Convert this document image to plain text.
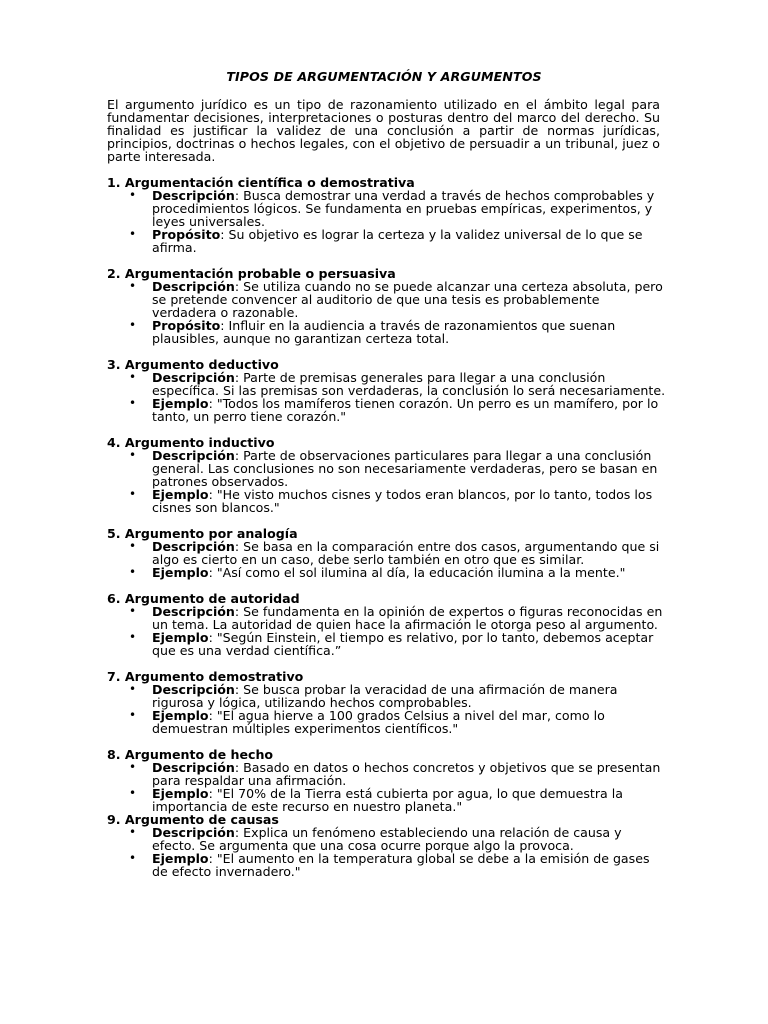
TIPOS DE ARGUMENTACIÓN Y ARGUMENTOS
El argumento jurídico es un tipo de razonamiento utilizado en el ámbito legal para fundamentar decisiones, interpretaciones o posturas dentro del marco del derecho. Su finalidad es justificar la validez de una conclusión a partir de normas jurídicas, principios, doctrinas o hechos legales, con el objetivo de persuadir a un tribunal, juez o parte interesada.
1. Argumentación científica o demostrativa
• Descripción: Busca demostrar una verdad a través de hechos comprobables y procedimientos lógicos. Se fundamenta en pruebas empíricas, experimentos, y leyes universales.
• Propósito: Su objetivo es lograr la certeza y la validez universal de lo que se afirma.
2. Argumentación probable o persuasiva
• Descripción: Se utiliza cuando no se puede alcanzar una certeza absoluta, pero se pretende convencer al auditorio de que una tesis es probablemente verdadera o razonable.
• Propósito: Influir en la audiencia a través de razonamientos que suenan plausibles, aunque no garantizan certeza total.
3. Argumento deductivo
• Descripción: Parte de premisas generales para llegar a una conclusión específica. Si las premisas son verdaderas, la conclusión lo será necesariamente.
• Ejemplo: "Todos los mamíferos tienen corazón. Un perro es un mamífero, por lo tanto, un perro tiene corazón."
4. Argumento inductivo
• Descripción: Parte de observaciones particulares para llegar a una conclusión general. Las conclusiones no son necesariamente verdaderas, pero se basan en patrones observados.
• Ejemplo: "He visto muchos cisnes y todos eran blancos, por lo tanto, todos los cisnes son blancos."
5. Argumento por analogía
• Descripción: Se basa en la comparación entre dos casos, argumentando que si algo es cierto en un caso, debe serlo también en otro que es similar.
• Ejemplo: "Así como el sol ilumina al día, la educación ilumina a la mente."
6. Argumento de autoridad
• Descripción: Se fundamenta en la opinión de expertos o figuras reconocidas en un tema. La autoridad de quien hace la afirmación le otorga peso al argumento.
• Ejemplo: "Según Einstein, el tiempo es relativo, por lo tanto, debemos aceptar que es una verdad científica.”
7. Argumento demostrativo
• Descripción: Se busca probar la veracidad de una afirmación de manera rigurosa y lógica, utilizando hechos comprobables.
• Ejemplo: "El agua hierve a 100 grados Celsius a nivel del mar, como lo demuestran múltiples experimentos científicos."
8. Argumento de hecho
• Descripción: Basado en datos o hechos concretos y objetivos que se presentan para respaldar una afirmación.
• Ejemplo: "El 70% de la Tierra está cubierta por agua, lo que demuestra la importancia de este recurso en nuestro planeta."
9. Argumento de causas
• Descripción: Explica un fenómeno estableciendo una relación de causa y efecto. Se argumenta que una cosa ocurre porque algo la provoca.
• Ejemplo: "El aumento en la temperatura global se debe a la emisión de gases de efecto invernadero."
